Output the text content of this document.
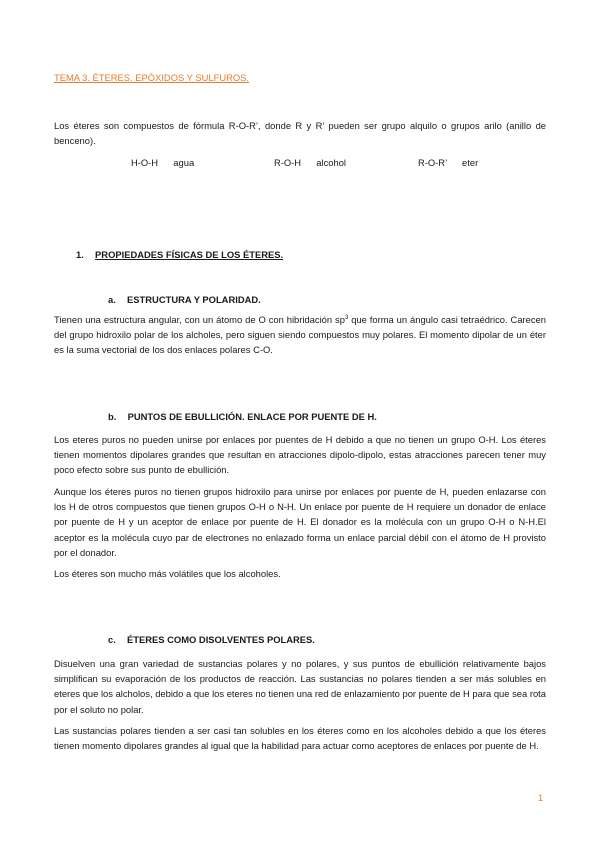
TEMA 3. ÉTERES. EPÓXIDOS Y SULFUROS.
Los éteres son compuestos de fórmula R-O-R’, donde R y R’ pueden ser grupo alquilo o grupos arilo (anillo de benceno).
H-O-H agua	R-O-H alcohol	R-O-R’ eter
1. PROPIEDADES FÍSICAS DE LOS ÉTERES.
a. ESTRUCTURA Y POLARIDAD.
Tienen una estructura angular, con un átomo de O con hibridación $sp^3$ que forma un ángulo casi tetraédrico. Carecen del grupo hidroxilo polar de los alcholes, pero siguen siendo compuestos muy polares. El momento dipolar de un éter es la suma vectorial de los dos enlaces polares C-O.
b. PUNTOS DE EBULLICIÓN. ENLACE POR PUENTE DE H.
Los eteres puros no pueden unirse por enlaces por puentes de H debido a que no tienen un grupo O-H. Los éteres tienen momentos dipolares grandes que resultan en atracciones dipolo-dipolo, estas atracciones parecen tener muy poco efecto sobre sus punto de ebullición.
Aunque los éteres puros no tienen grupos hidroxilo para unirse por enlaces por puente de H, pueden enlazarse con los H de otros compuestos que tienen grupos O-H o N-H. Un enlace por puente de H requiere un donador de enlace por puente de H y un aceptor de enlace por puente de H. El donador es la molécula con un grupo O-H o N-H.El aceptor es la molécula cuyo par de electrones no enlazado forma un enlace parcial débil con el átomo de H provisto por el donador.
Los éteres son mucho más volátiles que los alcoholes.
c. ÉTERES COMO DISOLVENTES POLARES.
Disuelven una gran variedad de sustancias polares y no polares, y sus puntos de ebullición relativamente bajos simplifican su evaporación de los productos de reacción. Las sustancias no polares tienden a ser más solubles en eteres que los alcholos, debido a que los eteres no tienen una red de enlazamiento por puente de H para que sea rota por el soluto no polar.
Las sustancias polares tienden a ser casi tan solubles en los éteres como en los alcoholes debido a que los éteres tienen momento dipolares grandes al igual que la habilidad para actuar como aceptores de enlaces por puente de H.
1
